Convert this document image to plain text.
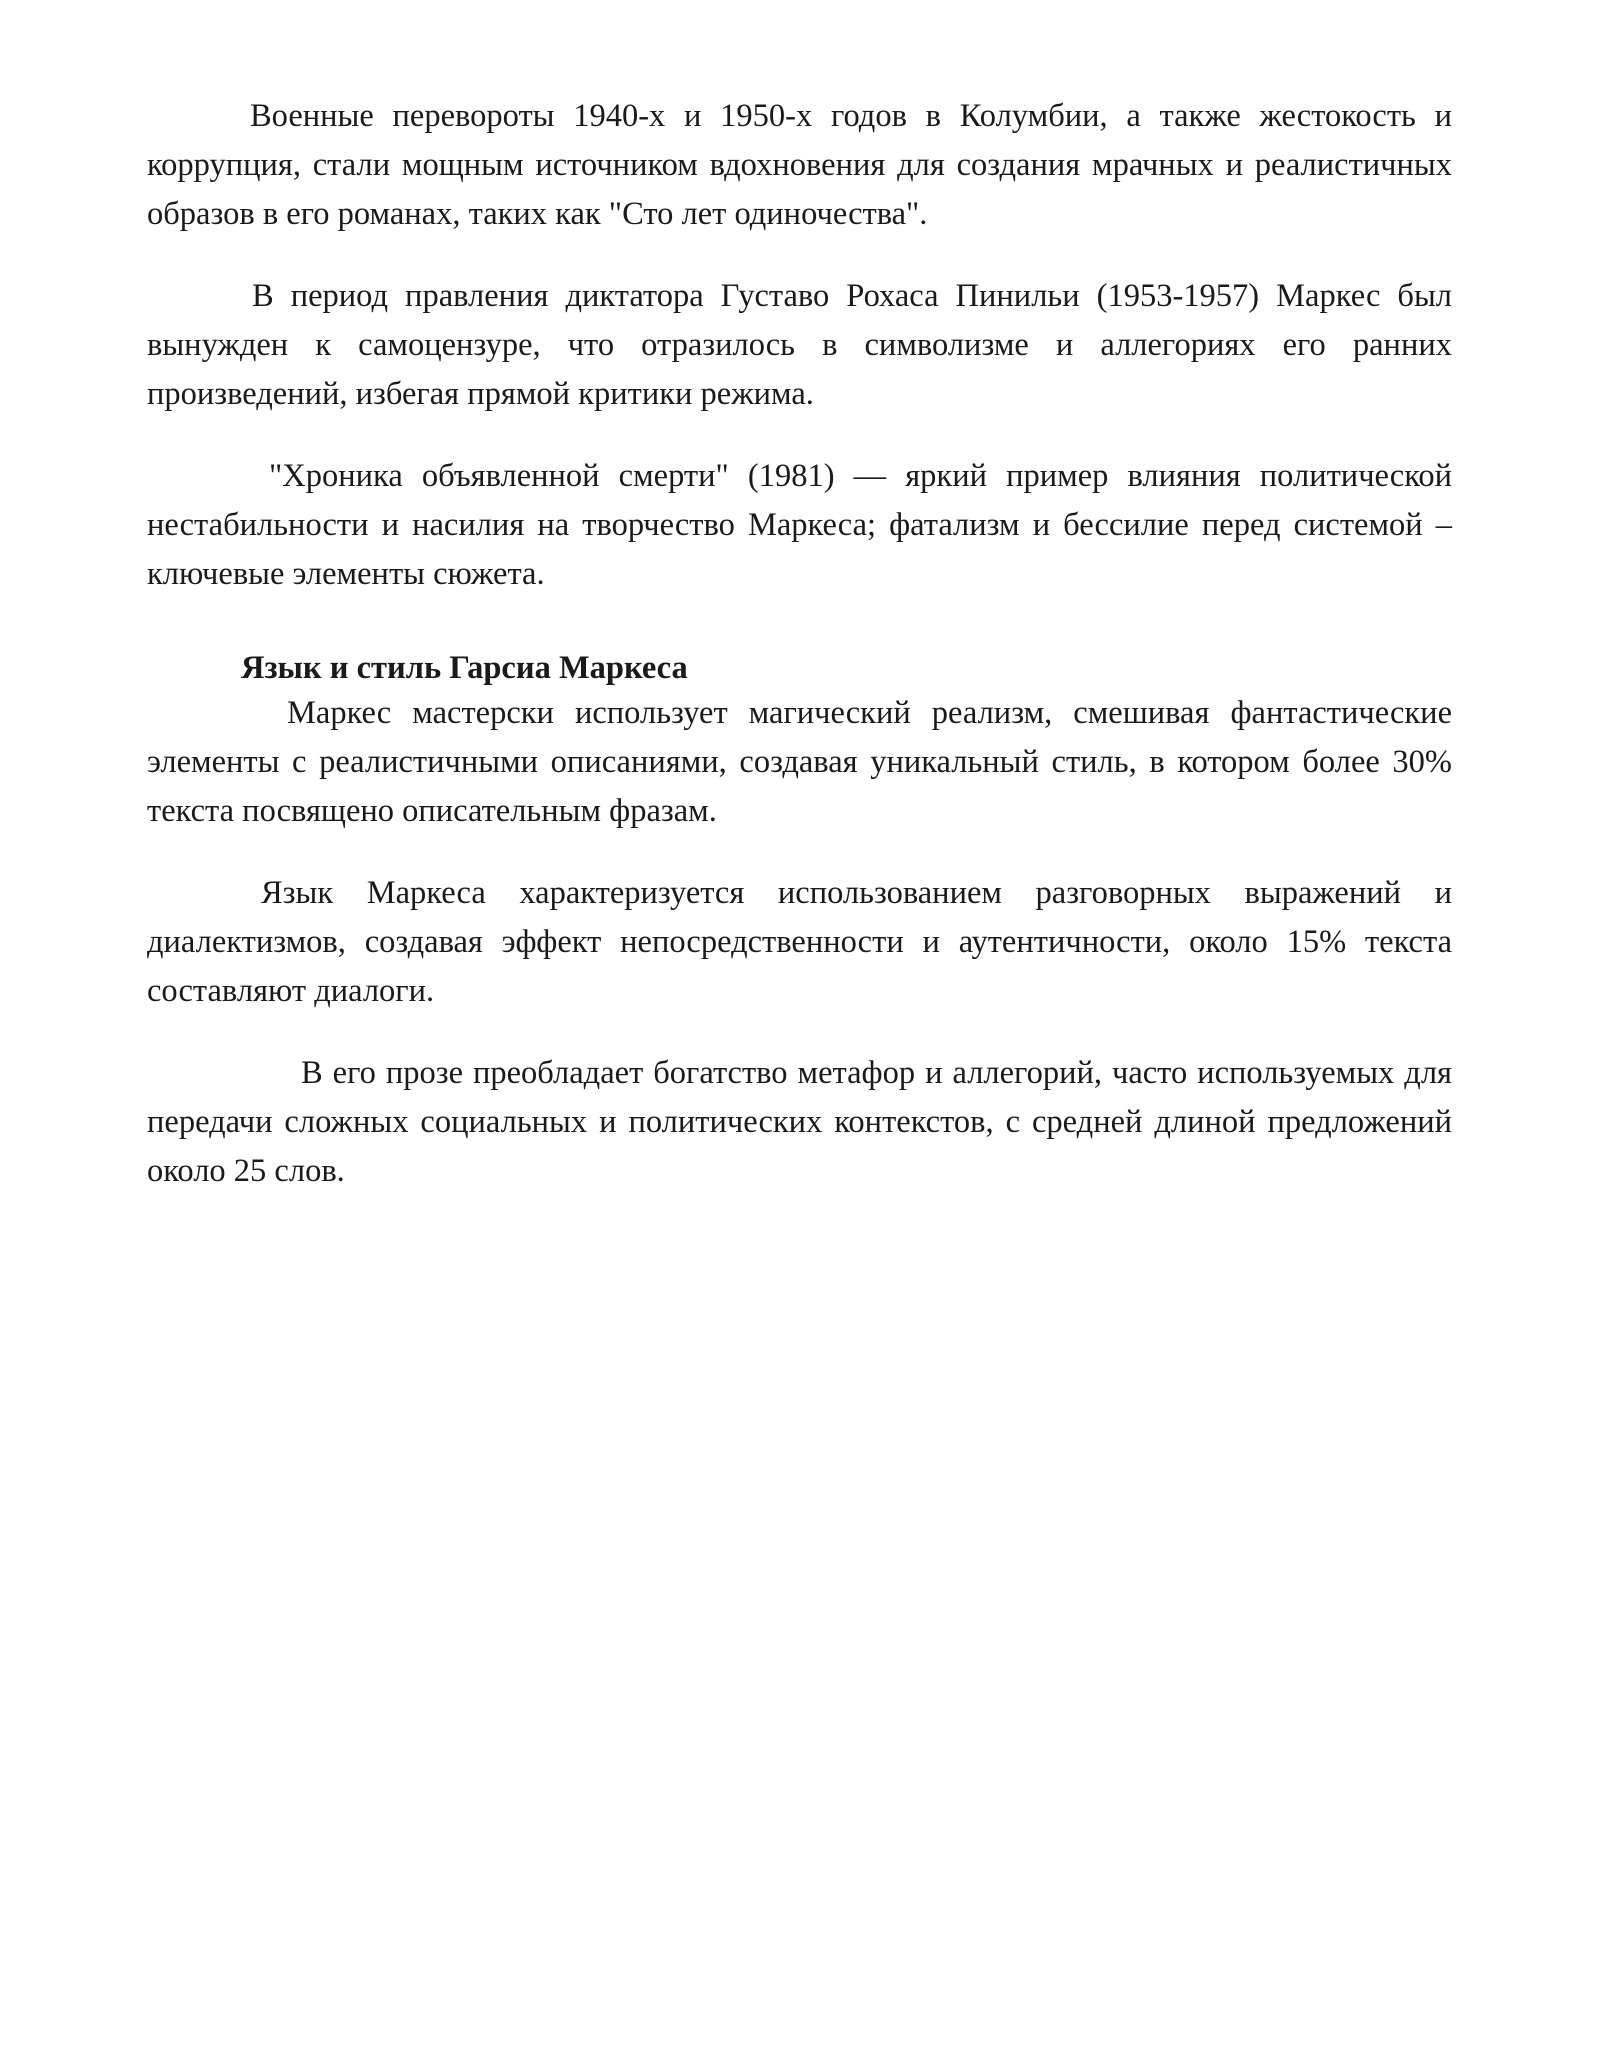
Военные перевороты 1940-х и 1950-х годов в Колумбии, а также жестокость и коррупция, стали мощным источником вдохновения для создания мрачных и реалистичных образов в его романах, таких как "Сто лет одиночества".

В период правления диктатора Густаво Рохаса Пинильи (1953-1957) Маркес был вынужден к самоцензуре, что отразилось в символизме и аллегориях его ранних произведений, избегая прямой критики режима.

"Хроника объявленной смерти" (1981) — яркий пример влияния политической нестабильности и насилия на творчество Маркеса; фатализм и бессилие перед системой – ключевые элементы сюжета.

Язык и стиль Гарсиа Маркеса

Маркес мастерски использует магический реализм, смешивая фантастические элементы с реалистичными описаниями, создавая уникальный стиль, в котором более 30% текста посвящено описательным фразам.

Язык Маркеса характеризуется использованием разговорных выражений и диалектизмов, создавая эффект непосредственности и аутентичности, около 15% текста составляют диалоги.

В его прозе преобладает богатство метафор и аллегорий, часто используемых для передачи сложных социальных и политических контекстов, с средней длиной предложений около 25 слов.
